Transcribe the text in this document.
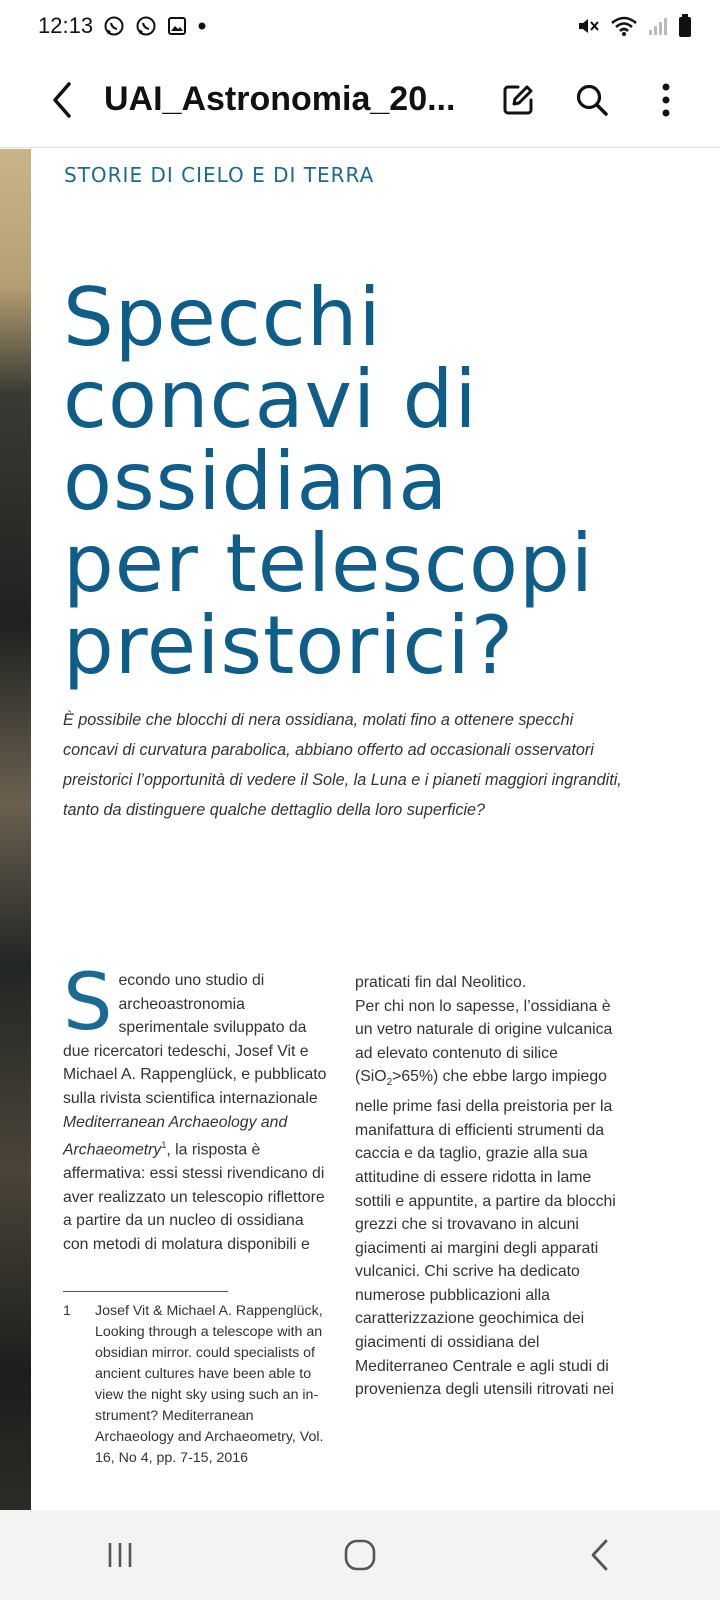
12:13
UAI_Astronomia_20...
STORIE DI CIELO E DI TERRA
Specchi
concavi di
ossidiana
per telescopi
preistorici?
È possibile che blocchi di nera ossidiana, molati fino a ottenere specchi concavi di curvatura parabolica, abbiano offerto ad occasionali osservatori preistorici l’opportunità di vedere il Sole, la Luna e i pianeti maggiori ingranditi, tanto da distinguere qualche dettaglio della loro superficie?

Secondo uno studio di archeoastronomia sperimentale sviluppato da due ricercatori tedeschi, Josef Vit e Michael A. Rappenglück, e pubblicato sulla rivista scientifica internazionale Mediterranean Archaeology and Archaeometry$^1$, la risposta è affermativa: essi stessi rivendicano di aver realizzato un telescopio riflettore a partire da un nucleo di ossidiana con metodi di molatura disponibili e

praticati fin dal Neolitico.

Per chi non lo sapesse, l’ossidiana è un vetro naturale di origine vulcanica ad elevato contenuto di silice (SiO$_2$>65%) che ebbe largo impiego nelle prime fasi della preistoria per la manifattura di efficienti strumenti da caccia e da taglio, grazie alla sua attitudine di essere ridotta in lame sottili e appuntite, a partire da blocchi grezzi che si trovavano in alcuni giacimenti ai margini degli apparati vulcanici. Chi scrive ha dedicato numerose pubblicazioni alla caratterizzazione geochimica dei giacimenti di ossidiana del Mediterraneo Centrale e agli studi di provenienza degli utensili ritrovati nei

1	Josef Vit & Michael A. Rappenglück, Looking through a telescope with an obsidian mirror. could specialists of ancient cultures have been able to view the night sky using such an in-strument? Mediterranean Archaeology and Archaeometry, Vol. 16, No 4, pp. 7-15, 2016
